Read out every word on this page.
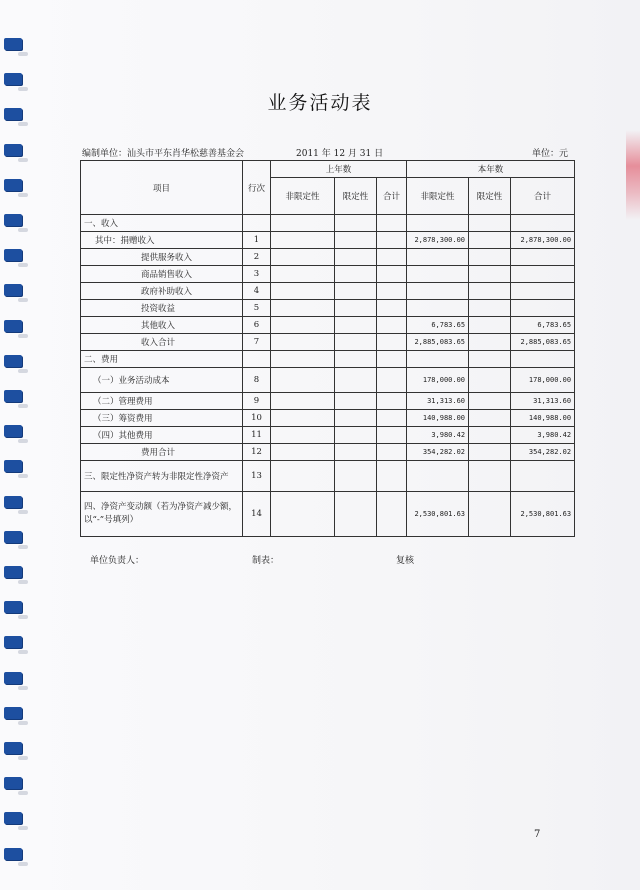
业务活动表
编制单位：汕头市平东肖华松慈善基金会	2011 年 12 月 31 日	单位：元
项目	行次	上年数			本年数		
		非限定性	限定性	合计	非限定性	限定性	合计

一、收入							
其中：捐赠收入	1				2,878,300.00		2,878,300.00
提供服务收入	2						
商品销售收入	3						
政府补助收入	4						
投资收益	5						
其他收入	6				6,783.65		6,783.65
收入合计	7				2,885,083.65		2,885,083.65
二、费用							
（一）业务活动成本	8				178,000.00		178,000.00
（二）管理费用	9				31,313.60		31,313.60
（三）筹资费用	10				140,988.00		140,988.00
（四）其他费用	11				3,980.42		3,980.42
费用合计	12				354,282.02		354,282.02
三、限定性净资产转为非限定性净资产	13						
四、净资产变动额（若为净资产减少额，以“-”号填列）	14				2,530,801.63		2,530,801.63
单位负责人：	制表：	复核
7
